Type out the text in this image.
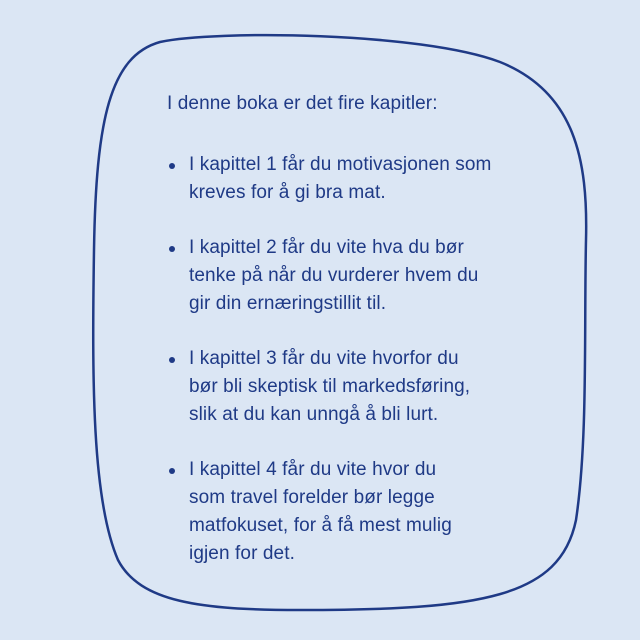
I denne boka er det fire kapitler:

I kapittel 1 får du motivasjonen som
kreves for å gi bra mat.
I kapittel 2 får du vite hva du bør
tenke på når du vurderer hvem du
gir din ernæringstillit til.
I kapittel 3 får du vite hvorfor du
bør bli skeptisk til markedsføring,
slik at du kan unngå å bli lurt.
I kapittel 4 får du vite hvor du
som travel forelder bør legge
matfokuset, for å få mest mulig
igjen for det.
